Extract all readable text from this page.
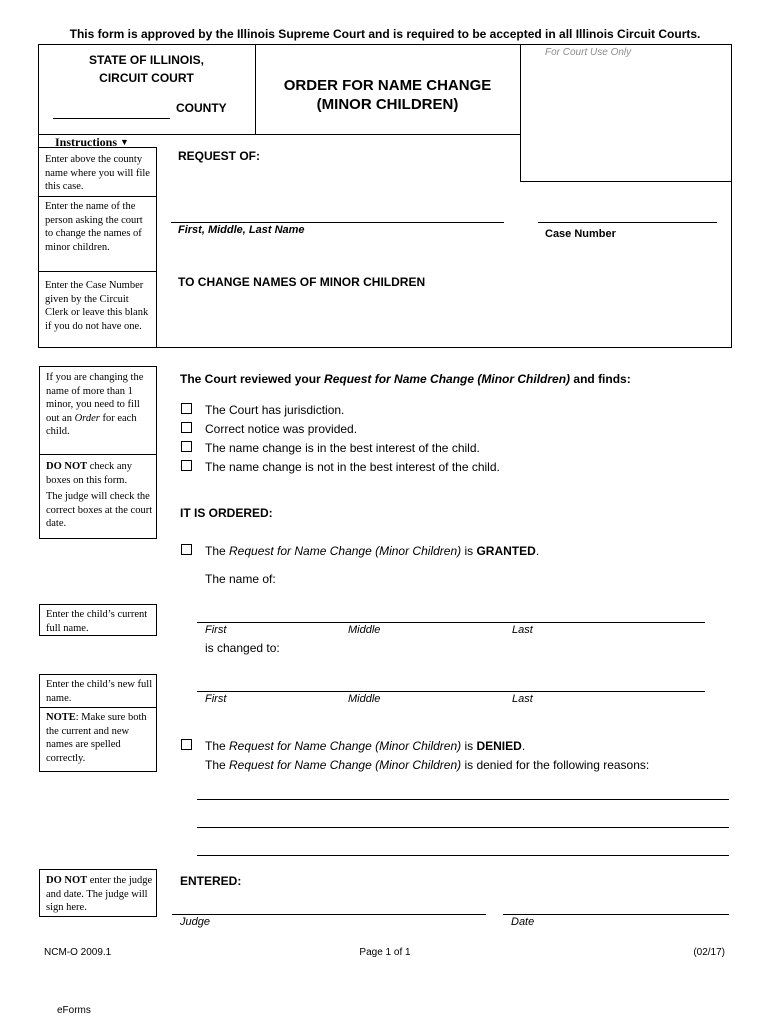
This form is approved by the Illinois Supreme Court and is required to be accepted in all Illinois Circuit Courts.
STATE OF ILLINOIS,
CIRCUIT COURT
COUNTY
ORDER FOR NAME CHANGE
(MINOR CHILDREN)
For Court Use Only
Instructions ▼
Enter above the county name where you will file this case.
Enter the name of the person asking the court to change the names of minor children.
Enter the Case Number given by the Circuit Clerk or leave this blank if you do not have one.
REQUEST OF:
First, Middle, Last Name	Case Number
TO CHANGE NAMES OF MINOR CHILDREN
If you are changing the name of more than 1 minor, you need to fill out an Order for each child.
DO NOT check any boxes on this form.
The judge will check the correct boxes at the court date.
Enter the child’s current full name.
Enter the child’s new full name.
NOTE: Make sure both the current and new names are spelled correctly.
DO NOT enter the judge and date. The judge will sign here.
The Court reviewed your Request for Name Change (Minor Children) and finds:
The Court has jurisdiction.
Correct notice was provided.
The name change is in the best interest of the child.
The name change is not in the best interest of the child.
IT IS ORDERED:
The Request for Name Change (Minor Children) is GRANTED.
The name of:
First	Middle	Last
is changed to:
First	Middle	Last
The Request for Name Change (Minor Children) is DENIED.
The Request for Name Change (Minor Children) is denied for the following reasons:
ENTERED:
Judge	Date
NCM-O 2009.1	Page 1 of 1	(02/17)
eForms
